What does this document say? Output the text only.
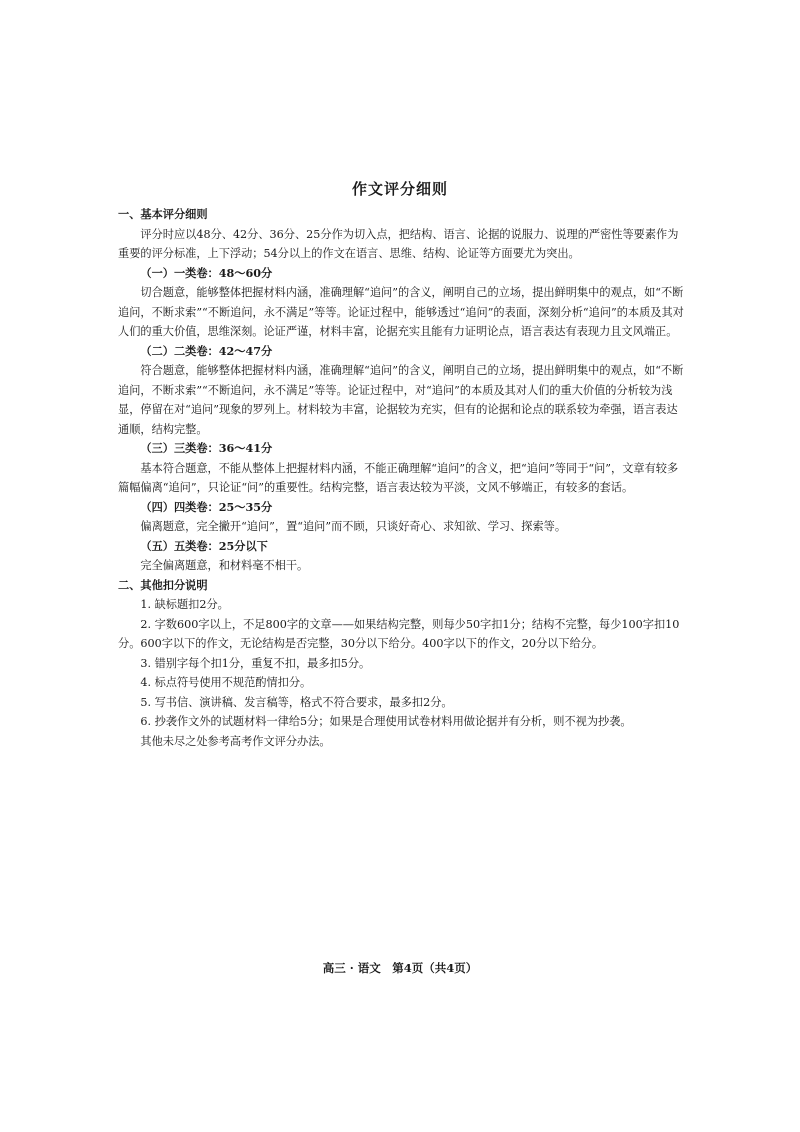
作文评分细则

一、基本评分细则

评分时应以48分、42分、36分、25分作为切入点，把结构、语言、论据的说服力、说理的严密性等要素作为重要的评分标准，上下浮动；54分以上的作文在语言、思维、结构、论证等方面要尤为突出。

（一）一类卷：48～60分

切合题意，能够整体把握材料内涵，准确理解“追问”的含义，阐明自己的立场，提出鲜明集中的观点，如“不断追问，不断求索”“不断追问，永不满足”等等。论证过程中，能够透过“追问”的表面，深刻分析“追问”的本质及其对人们的重大价值，思维深刻。论证严谨，材料丰富，论据充实且能有力证明论点，语言表达有表现力且文风端正。

（二）二类卷：42～47分

符合题意，能够整体把握材料内涵，准确理解“追问”的含义，阐明自己的立场，提出鲜明集中的观点，如“不断追问，不断求索”“不断追问，永不满足”等等。论证过程中，对“追问”的本质及其对人们的重大价值的分析较为浅显，停留在对“追问”现象的罗列上。材料较为丰富，论据较为充实，但有的论据和论点的联系较为牵强，语言表达通顺，结构完整。

（三）三类卷：36～41分

基本符合题意，不能从整体上把握材料内涵，不能正确理解“追问”的含义，把“追问”等同于“问”，文章有较多篇幅偏离“追问”，只论证“问”的重要性。结构完整，语言表达较为平淡，文风不够端正，有较多的套话。

（四）四类卷：25～35分

偏离题意，完全撇开“追问”，置“追问”而不顾，只谈好奇心、求知欲、学习、探索等。

（五）五类卷：25分以下

完全偏离题意，和材料毫不相干。

二、其他扣分说明

1. 缺标题扣2分。

2. 字数600字以上，不足800字的文章——如果结构完整，则每少50字扣1分；结构不完整，每少100字扣10分。600字以下的作文，无论结构是否完整，30分以下给分。400字以下的作文，20分以下给分。

3. 错别字每个扣1分，重复不扣，最多扣5分。

4. 标点符号使用不规范酌情扣分。

5. 写书信、演讲稿、发言稿等，格式不符合要求，最多扣2分。

6. 抄袭作文外的试题材料一律给5分；如果是合理使用试卷材料用做论据并有分析，则不视为抄袭。

其他未尽之处参考高考作文评分办法。

高三 · 语文　第4页（共4页）
